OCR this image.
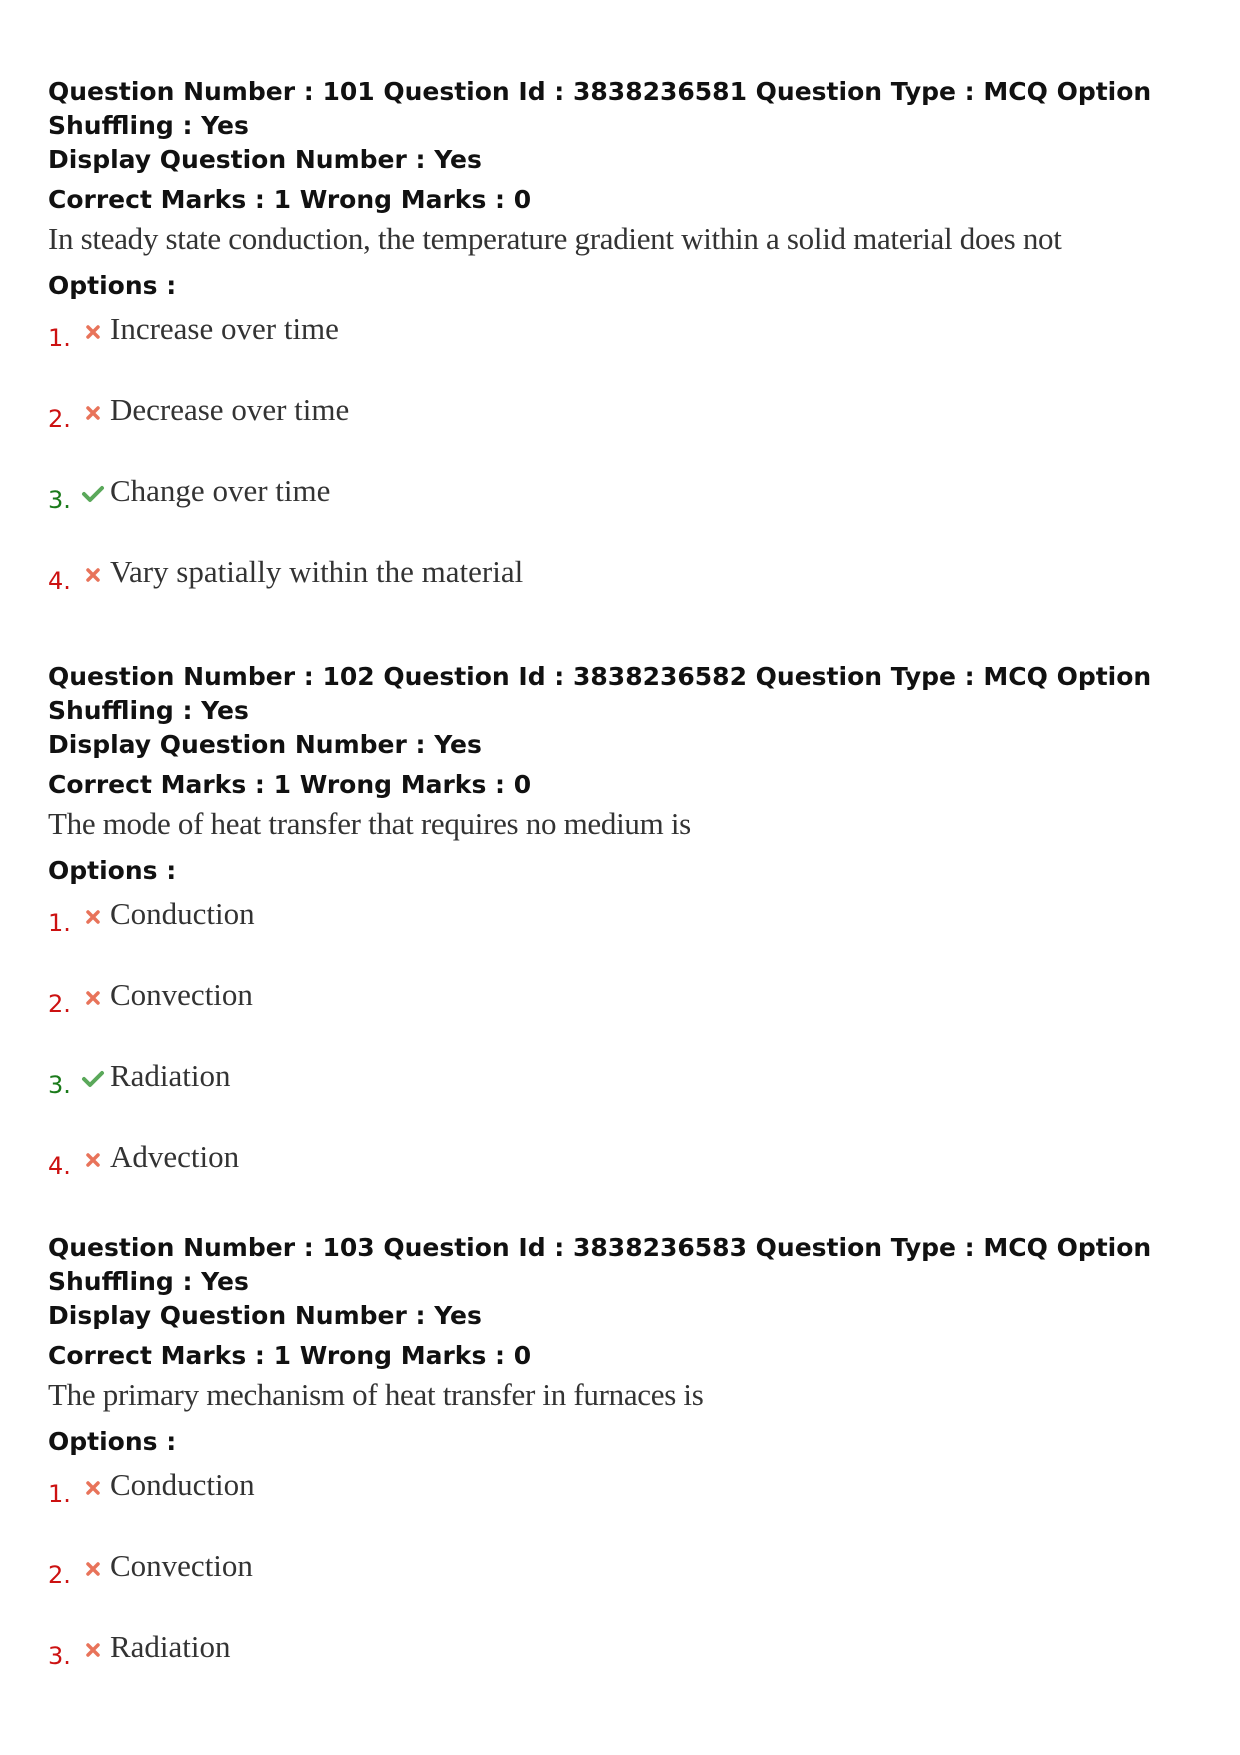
Question Number : 101 Question Id : 3838236581 Question Type : MCQ Option Shuffling : Yes
Display Question Number : Yes
Correct Marks : 1 Wrong Marks : 0
In steady state conduction, the temperature gradient within a solid material does not
Options :
1. Increase over time
2. Decrease over time
3. Change over time
4. Vary spatially within the material
Question Number : 102 Question Id : 3838236582 Question Type : MCQ Option Shuffling : Yes
Display Question Number : Yes
Correct Marks : 1 Wrong Marks : 0
The mode of heat transfer that requires no medium is
Options :
1. Conduction
2. Convection
3. Radiation
4. Advection
Question Number : 103 Question Id : 3838236583 Question Type : MCQ Option Shuffling : Yes
Display Question Number : Yes
Correct Marks : 1 Wrong Marks : 0
The primary mechanism of heat transfer in furnaces is
Options :
1. Conduction
2. Convection
3. Radiation
